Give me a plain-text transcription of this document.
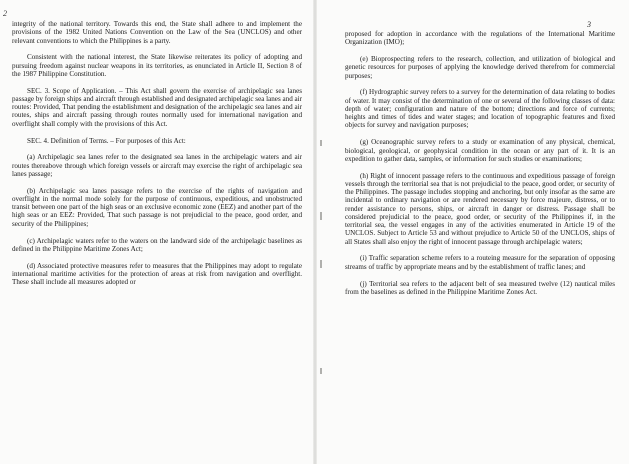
2

integrity of the national territory. Towards this end, the State shall adhere to and implement the provisions of the 1982 United Nations Convention on the Law of the Sea (UNCLOS) and other relevant conventions to which the Philippines is a party.

Consistent with the national interest, the State likewise reiterates its policy of adopting and pursuing freedom against nuclear weapons in its territories, as enunciated in Article II, Section 8 of the 1987 Philippine Constitution.

SEC. 3. Scope of Application. – This Act shall govern the exercise of archipelagic sea lanes passage by foreign ships and aircraft through established and designated archipelagic sea lanes and air routes: Provided, That pending the establishment and designation of the archipelagic sea lanes and air routes, ships and aircraft passing through routes normally used for international navigation and overflight shall comply with the provisions of this Act.

SEC. 4. Definition of Terms. – For purposes of this Act:

(a) Archipelagic sea lanes refer to the designated sea lanes in the archipelagic waters and air routes thereabove through which foreign vessels or aircraft may exercise the right of archipelagic sea lanes passage;

(b) Archipelagic sea lanes passage refers to the exercise of the rights of navigation and overflight in the normal mode solely for the purpose of continuous, expeditious, and unobstructed transit between one part of the high seas or an exclusive economic zone (EEZ) and another part of the high seas or an EEZ: Provided, That such passage is not prejudicial to the peace, good order, and security of the Philippines;

(c) Archipelagic waters refer to the waters on the landward side of the archipelagic baselines as defined in the Philippine Maritime Zones Act;

(d) Associated protective measures refer to measures that the Philippines may adopt to regulate international maritime activities for the protection of areas at risk from navigation and overflight. These shall include all measures adopted or

3

proposed for adoption in accordance with the regulations of the International Maritime Organization (IMO);

(e) Bioprospecting refers to the research, collection, and utilization of biological and genetic resources for purposes of applying the knowledge derived therefrom for commercial purposes;

(f) Hydrographic survey refers to a survey for the determination of data relating to bodies of water. It may consist of the determination of one or several of the following classes of data: depth of water; configuration and nature of the bottom; directions and force of currents; heights and times of tides and water stages; and location of topographic features and fixed objects for survey and navigation purposes;

(g) Oceanographic survey refers to a study or examination of any physical, chemical, biological, geological, or geophysical condition in the ocean or any part of it. It is an expedition to gather data, samples, or information for such studies or examinations;

(h) Right of innocent passage refers to the continuous and expeditious passage of foreign vessels through the territorial sea that is not prejudicial to the peace, good order, or security of the Philippines. The passage includes stopping and anchoring, but only insofar as the same are incidental to ordinary navigation or are rendered necessary by force majeure, distress, or to render assistance to persons, ships, or aircraft in danger or distress. Passage shall be considered prejudicial to the peace, good order, or security of the Philippines if, in the territorial sea, the vessel engages in any of the activities enumerated in Article 19 of the UNCLOS. Subject to Article 53 and without prejudice to Article 50 of the UNCLOS, ships of all States shall also enjoy the right of innocent passage through archipelagic waters;

(i) Traffic separation scheme refers to a routeing measure for the separation of opposing streams of traffic by appropriate means and by the establishment of traffic lanes; and

(j) Territorial sea refers to the adjacent belt of sea measured twelve (12) nautical miles from the baselines as defined in the Philippine Maritime Zones Act.
